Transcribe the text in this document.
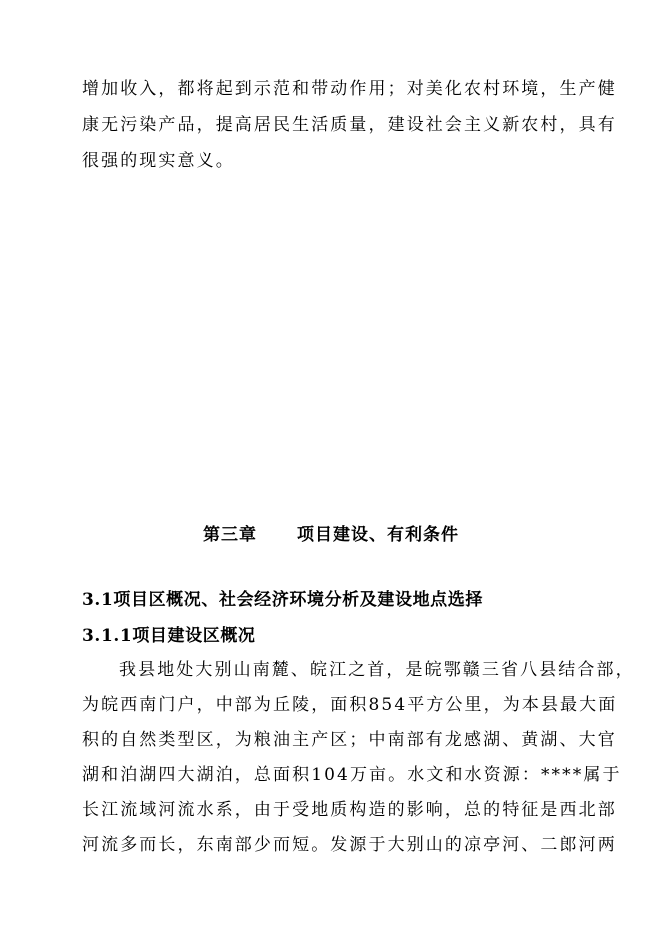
增加收入，都将起到示范和带动作用；对美化农村环境，生产健
康无污染产品，提高居民生活质量，建设社会主义新农村，具有
很强的现实意义。
第三章 项目建设、有利条件
3.1项目区概况、社会经济环境分析及建设地点选择
3.1.1项目建设区概况
我县地处大别山南麓、皖江之首，是皖鄂赣三省八县结合部，
为皖西南门户，中部为丘陵，面积854平方公里，为本县最大面
积的自然类型区，为粮油主产区；中南部有龙感湖、黄湖、大官
湖和泊湖四大湖泊，总面积104万亩。水文和水资源：****属于
长江流域河流水系，由于受地质构造的影响，总的特征是西北部
河流多而长，东南部少而短。发源于大别山的凉亭河、二郎河两
